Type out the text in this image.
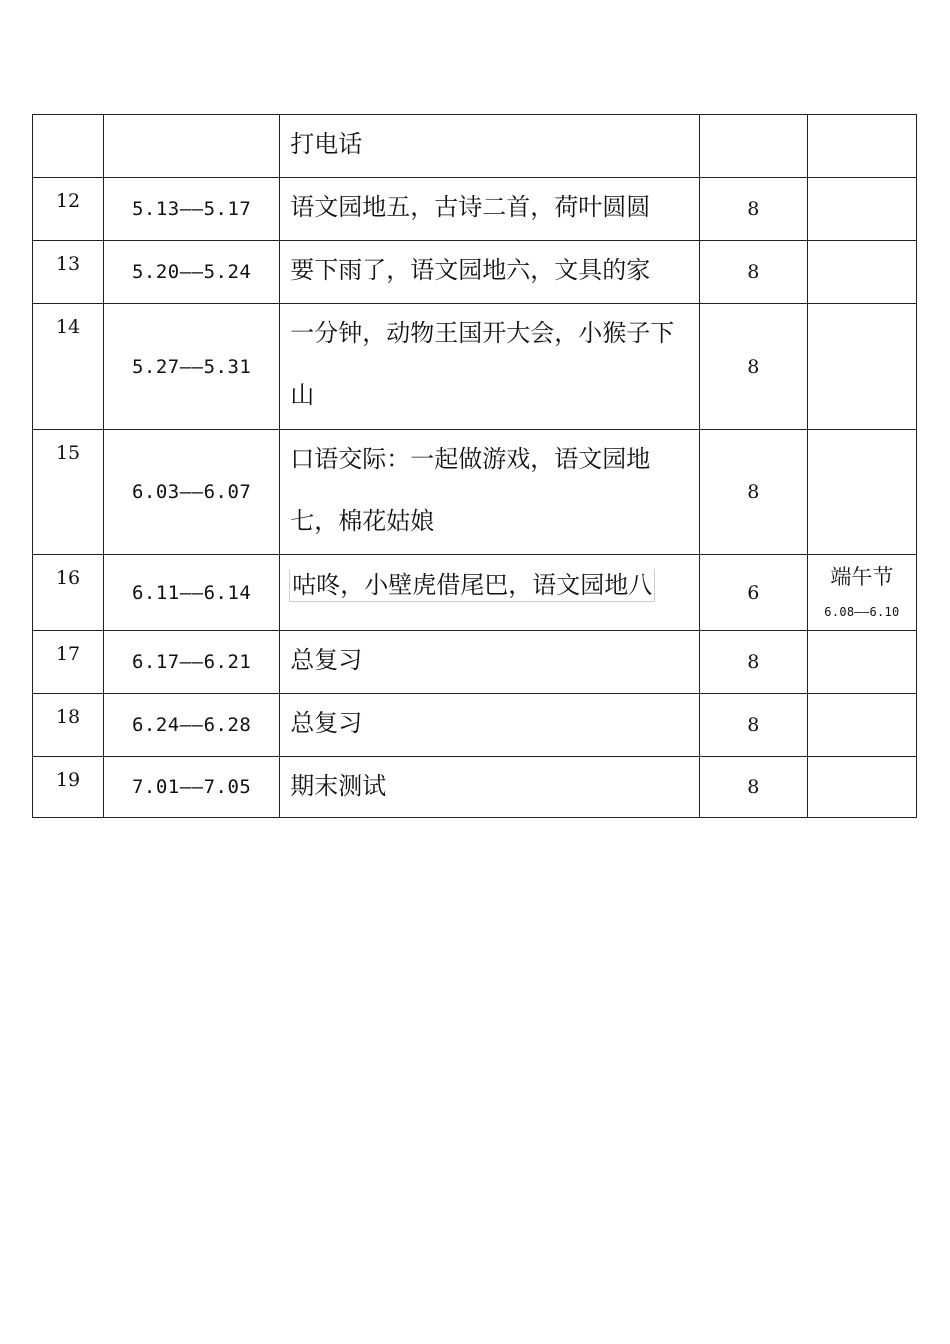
		打电话		

12	5.13——5.17	语文园地五，古诗二首，荷叶圆圆	8	

13	5.20——5.24	要下雨了，语文园地六，文具的家	8	

14	5.27——5.31	一分钟，动物王国开大会，小猴子下山	8	

15	6.03——6.07	口语交际：一起做游戏，语文园地七，棉花姑娘	8	

16	6.11——6.14	咕咚，小壁虎借尾巴，语文园地八	6	端午节
6.08——6.10

17	6.17——6.21	总复习	8	

18	6.24——6.28	总复习	8	

19	7.01——7.05	期末测试	8	
